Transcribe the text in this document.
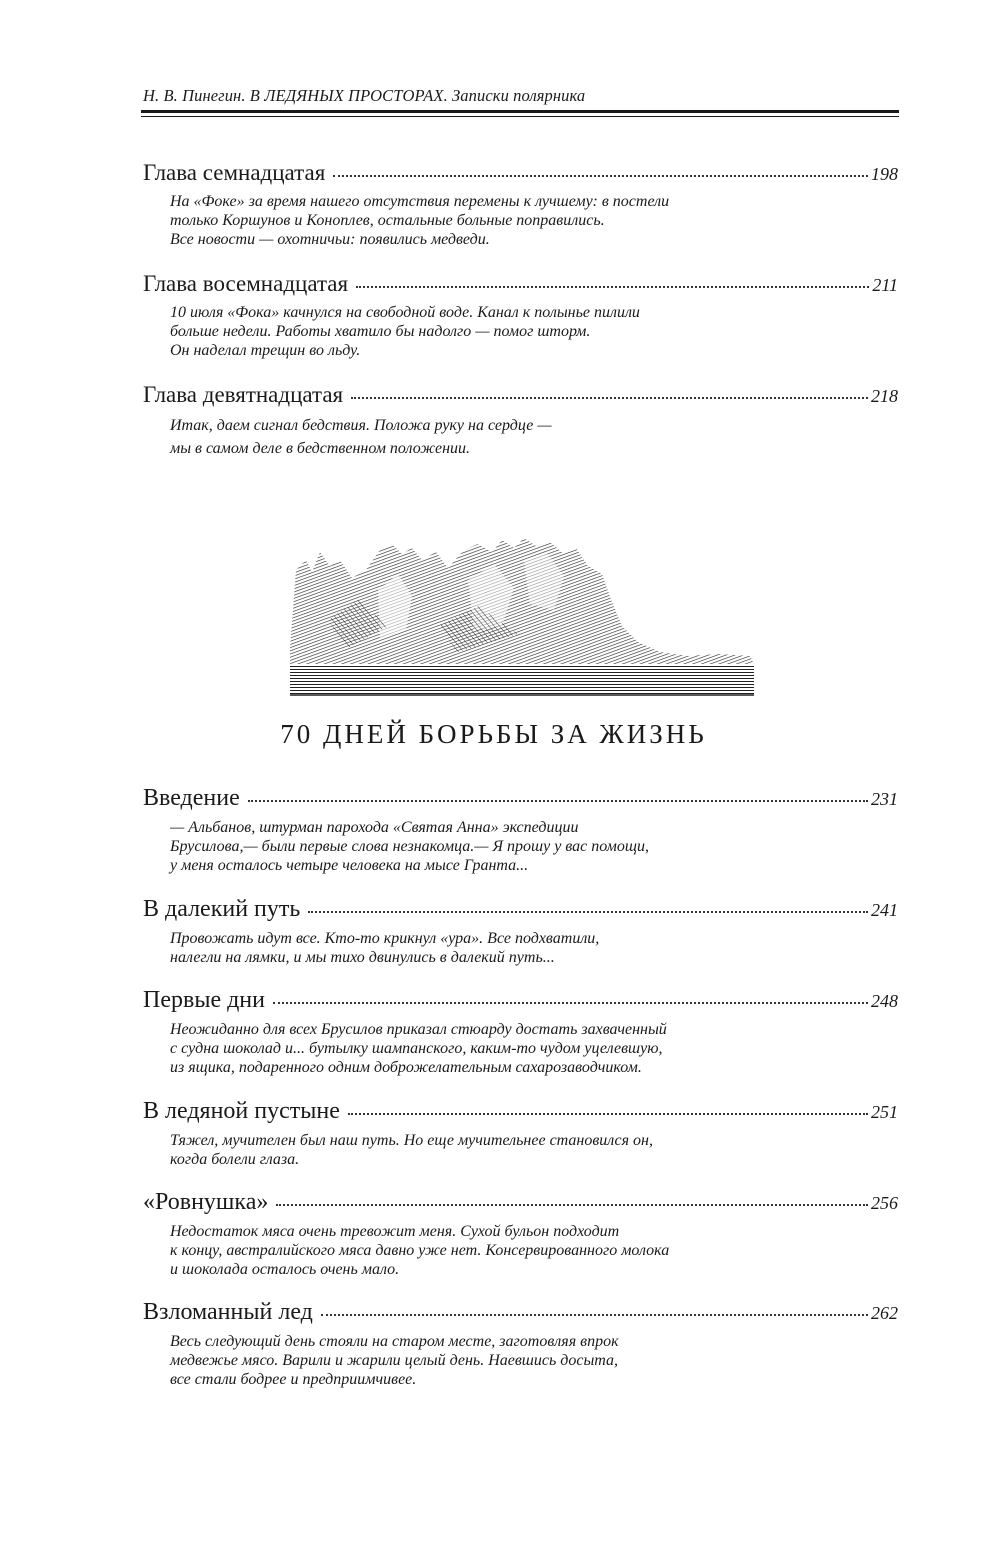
Н. В. Пинегин. В ЛЕДЯНЫХ ПРОСТОРАХ. Записки полярника
Глава семнадцатая	198
На «Фоке» за время нашего отсутствия перемены к лучшему: в постели
только Коршунов и Коноплев, остальные больные поправились.
Все новости — охотничьи: появились медведи.
Глава восемнадцатая	211
10 июля «Фока» качнулся на свободной воде. Канал к полынье пилили
больше недели. Работы хватило бы надолго — помог шторм.
Он наделал трещин во льду.
Глава девятнадцатая	218
Итак, даем сигнал бедствия. Положа руку на сердце —
мы в самом деле в бедственном положении.
70 ДНЕЙ БОРЬБЫ ЗА ЖИЗНЬ
Введение	231
— Альбанов, штурман парохода «Святая Анна» экспедиции
Брусилова,— были первые слова незнакомца.— Я прошу у вас помощи,
у меня осталось четыре человека на мысе Гранта...
В далекий путь	241
Провожать идут все. Кто-то крикнул «ура». Все подхватили,
налегли на лямки, и мы тихо двинулись в далекий путь...
Первые дни	248
Неожиданно для всех Брусилов приказал стюарду достать захваченный
с судна шоколад и... бутылку шампанского, каким-то чудом уцелевшую,
из ящика, подаренного одним доброжелательным сахарозаводчиком.
В ледяной пустыне	251
Тяжел, мучителен был наш путь. Но еще мучительнее становился он,
когда болели глаза.
«Ровнушка»	256
Недостаток мяса очень тревожит меня. Сухой бульон подходит
к концу, австралийского мяса давно уже нет. Консервированного молока
и шоколада осталось очень мало.
Взломанный лед	262
Весь следующий день стояли на старом месте, заготовляя впрок
медвежье мясо. Варили и жарили целый день. Наевшись досыта,
все стали бодрее и предприимчивее.
